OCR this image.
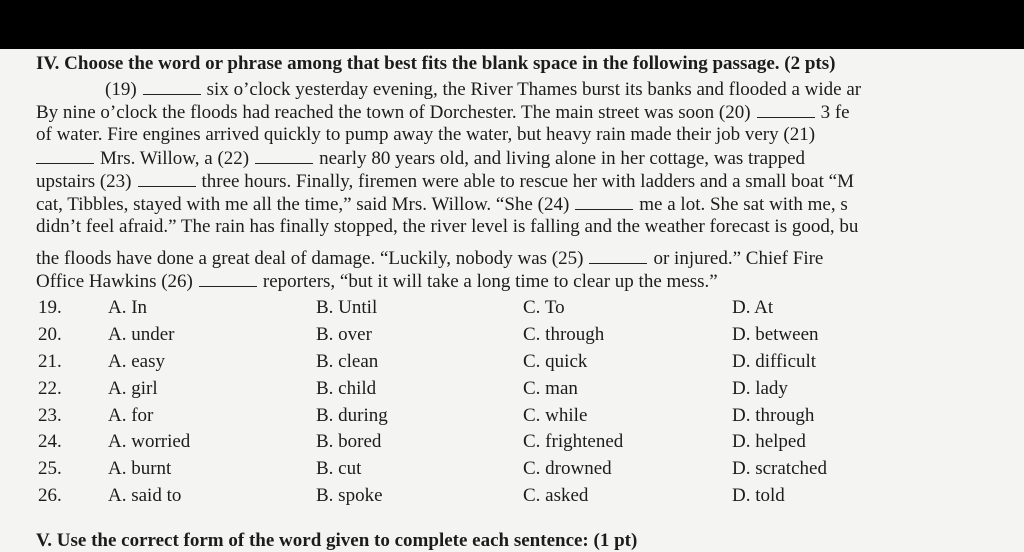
IV. Choose the word or phrase among that best fits the blank space in the following passage. (2 pts)
(19)	six o’clock yesterday evening, the River Thames burst its banks and flooded a wide ar
By nine o’clock the floods had reached the town of Dorchester. The main street was soon (20)	3 fe
of water. Fire engines arrived quickly to pump away the water, but heavy rain made their job very (21)
Mrs. Willow, a (22)	nearly 80 years old, and living alone in her cottage, was trapped
upstairs (23)	three hours. Finally, firemen were able to rescue her with ladders and a small boat “M
cat, Tibbles, stayed with me all the time,” said Mrs. Willow. “She (24)	me a lot. She sat with me, s
didn’t feel afraid.” The rain has finally stopped, the river level is falling and the weather forecast is good, bu
the floods have done a great deal of damage. “Luckily, nobody was (25)	or injured.” Chief Fire
Office Hawkins (26)	reporters, “but it will take a long time to clear up the mess.”
19. A. In	B. Until	C. To	D. At
20. A. under	B. over	C. through	D. between
21. A. easy	B. clean	C. quick	D. difficult
22. A. girl	B. child	C. man	D. lady
23. A. for	B. during	C. while	D. through
24. A. worried	B. bored	C. frightened	D. helped
25. A. burnt	B. cut	C. drowned	D. scratched
26. A. said to	B. spoke	C. asked	D. told
V. Use the correct form of the word given to complete each sentence: (1 pt)
